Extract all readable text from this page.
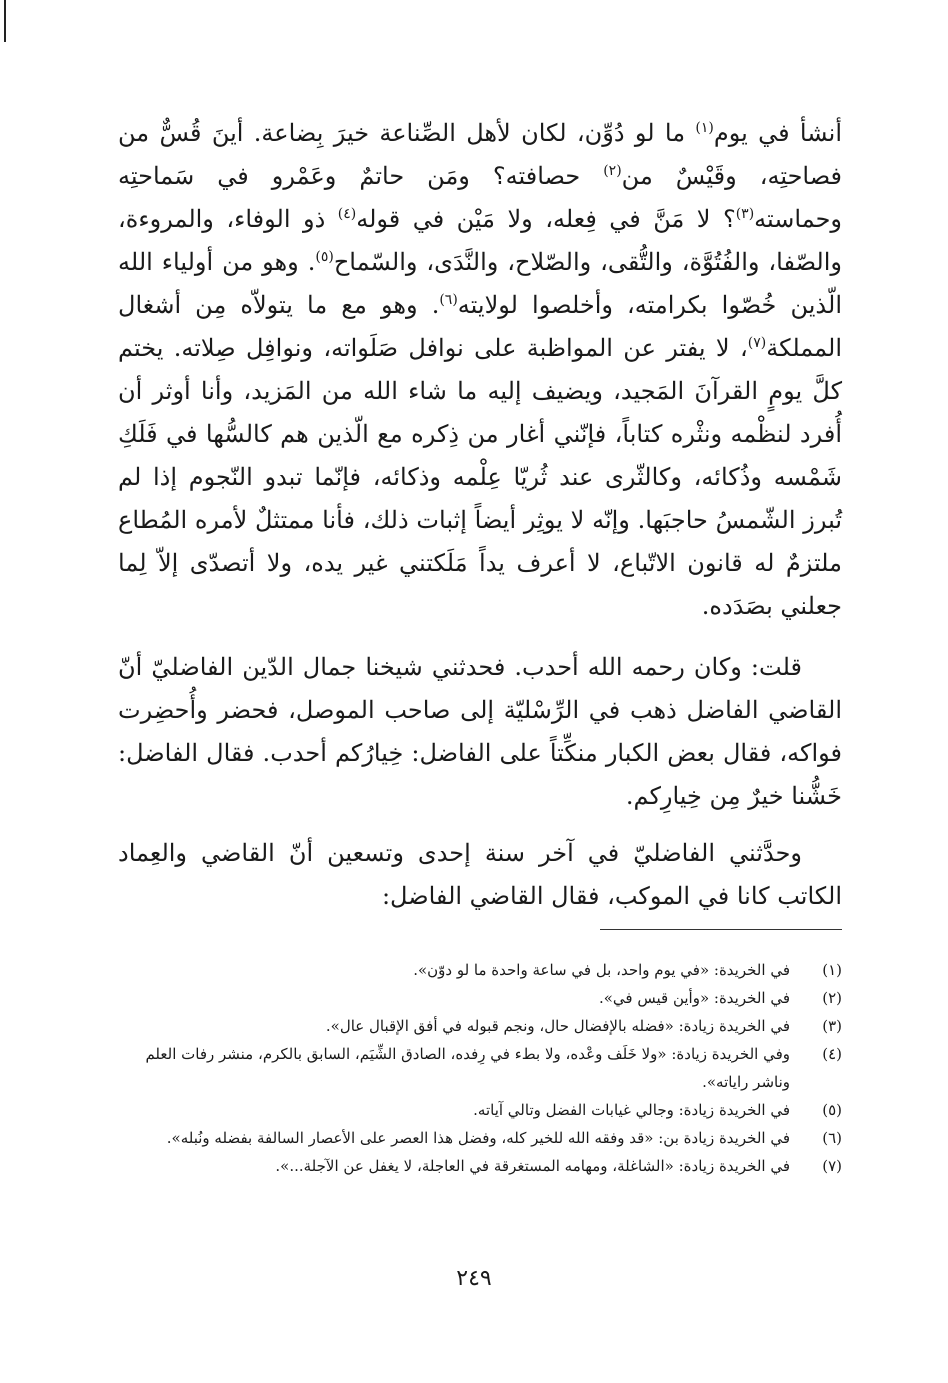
أنشأ في يوم$^{(١)}$ ما لو دُوِّن، لكان لأهل الصِّناعة خيرَ بِضاعة. أينَ قُسٌّ من فصاحتِه، وقَيْسٌ من$^{(٢)}$ حصافته؟ ومَن حاتمٌ وعَمْرو في سَماحتِه وحماسته$^{(٣)}$؟ لا مَنَّ في فِعله، ولا مَيْن في قوله$^{(٤)}$ ذو الوفاء، والمروءة، والصّفا، والفُتُوَّة، والتُّقى، والصّلاح، والنَّدَى، والسّماح$^{(٥)}$. وهو من أولياء الله الّذين خُصّوا بكرامته، وأخلصوا لولايته$^{(٦)}$. وهو مع ما يتولاّه مِن أشغال المملكة$^{(٧)}$، لا يفتر عن المواظبة على نوافل صَلَواته، ونوافِل صِلاته. يختم كلَّ يومٍ القرآنَ المَجيد، ويضيف إليه ما شاء الله من المَزيد، وأنا أوثر أن أُفرد لنظْمه ونثْره كتاباً، فإنّني أغار من ذِكره مع الّذين هم كالسُّها في فَلَكِ شَمْسه وذُكائه، وكالثّرى عند ثُريّا عِلْمه وذكائه، فإنّما تبدو النّجوم إذا لم تُبرز الشّمسُ حاجبَها. وإنّه لا يوثِر أيضاً إثبات ذلك، فأنا ممتثلٌ لأمره المُطاع ملتزمٌ له قانون الاتّباع، لا أعرف يداً مَلَكتني غير يده، ولا أتصدّى إلاّ لِما جعلني بصَدَده.

قلت: وكان رحمه الله أحدب. فحدثني شيخنا جمال الدّين الفاضليّ أنّ القاضي الفاضل ذهب في الرِّسْليّة إلى صاحب الموصل، فحضر وأُحضِرت فواكه، فقال بعض الكبار منكِّتاً على الفاضل: خِيارُكم أحدب. فقال الفاضل: خَشُّنا خيرٌ مِن خِيارِكم.

وحدَّثني الفاضليّ في آخر سنة إحدى وتسعين أنّ القاضي والعِماد الكاتب كانا في الموكب، فقال القاضي الفاضل:

(١)
في الخريدة: «في يوم واحد، بل في ساعة واحدة ما لو دوّن».
(٢)
في الخريدة: «وأين قيس في».
(٣)
في الخريدة زيادة: «فضله بالإفضال حال، ونجم قبوله في أفق الإقبال عال».
(٤)
وفي الخريدة زيادة: «ولا خَلَف وعْده، ولا بطء في رِفده، الصادق الشِّيَم، السابق بالكرم، منشر رفات العلم وناشر راياته».
(٥)
في الخريدة زيادة: وجالي غيابات الفضل وتالي آياته.
(٦)
في الخريدة زيادة بن: «قد وفقه الله للخير كله، وفضل هذا العصر على الأعصار السالفة بفضله ونُبله».
(٧)
في الخريدة زيادة: «الشاغلة، ومهامه المستغرقة في العاجلة، لا يغفل عن الآجلة...».
٢٤٩
